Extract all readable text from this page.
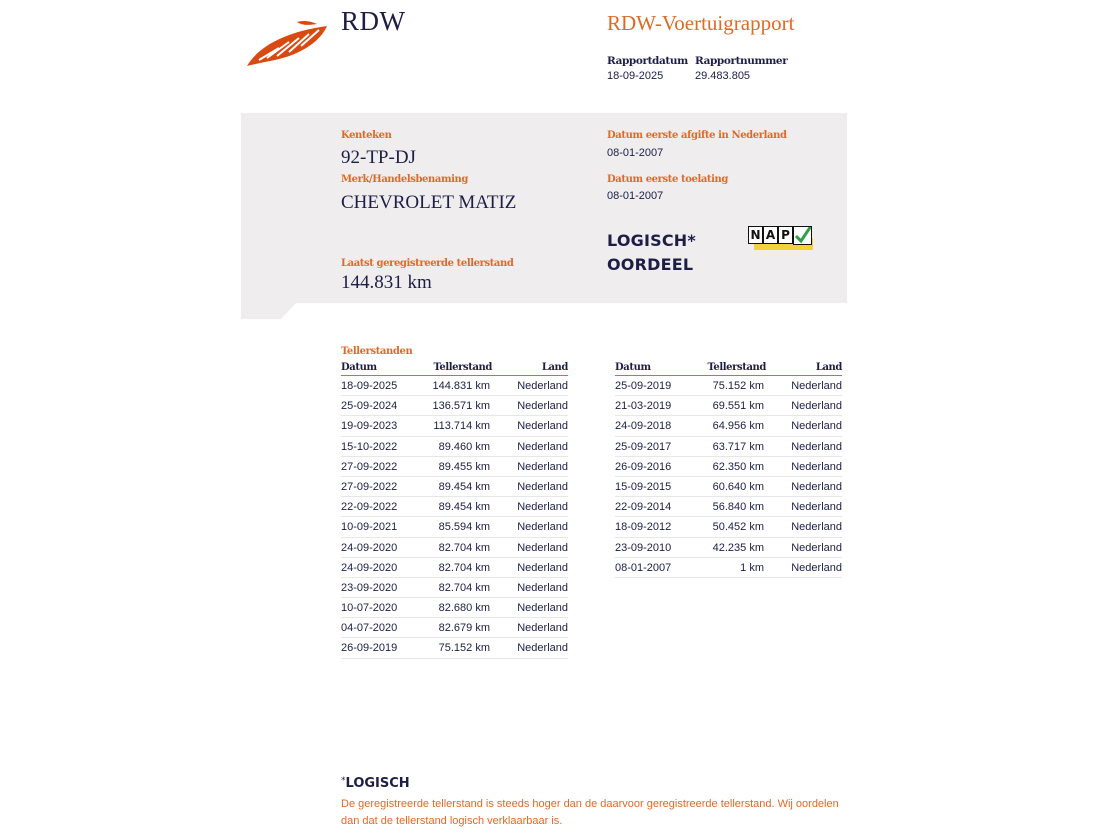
RDW	RDW-Voertuigrapport
Rapportdatum
18-09-2025
Rapportnummer
29.483.805
Kenteken
92-TP-DJ
Merk/Handelsbenaming
CHEVROLET MATIZ
Datum eerste afgifte in Nederland
08-01-2007
Datum eerste toelating
08-01-2007
Laatst geregistreerde tellerstand
144.831 km
LOGISCH*
OORDEEL
N A P
Tellerstanden
Datum	Tellerstand	Land
18-09-2025	144.831 km Nederland
25-09-2024	136.571 km Nederland
19-09-2023	113.714 km Nederland
15-10-2022	89.460 km Nederland
27-09-2022	89.455 km Nederland
27-09-2022	89.454 km Nederland
22-09-2022	89.454 km Nederland
10-09-2021	85.594 km Nederland
24-09-2020	82.704 km Nederland
24-09-2020	82.704 km Nederland
23-09-2020	82.704 km Nederland
10-07-2020	82.680 km Nederland
04-07-2020	82.679 km Nederland
26-09-2019	75.152 km Nederland
Datum	Tellerstand	Land
25-09-2019	75.152 km Nederland
21-03-2019	69.551 km Nederland
24-09-2018	64.956 km Nederland
25-09-2017	63.717 km Nederland
26-09-2016	62.350 km Nederland
15-09-2015	60.640 km Nederland
22-09-2014	56.840 km Nederland
18-09-2012	50.452 km Nederland
23-09-2010	42.235 km Nederland
08-01-2007	1 km Nederland
*LOGISCH
De geregistreerde tellerstand is steeds hoger dan de daarvoor geregistreerde tellerstand. Wij oordelen dan dat de tellerstand logisch verklaarbaar is.
